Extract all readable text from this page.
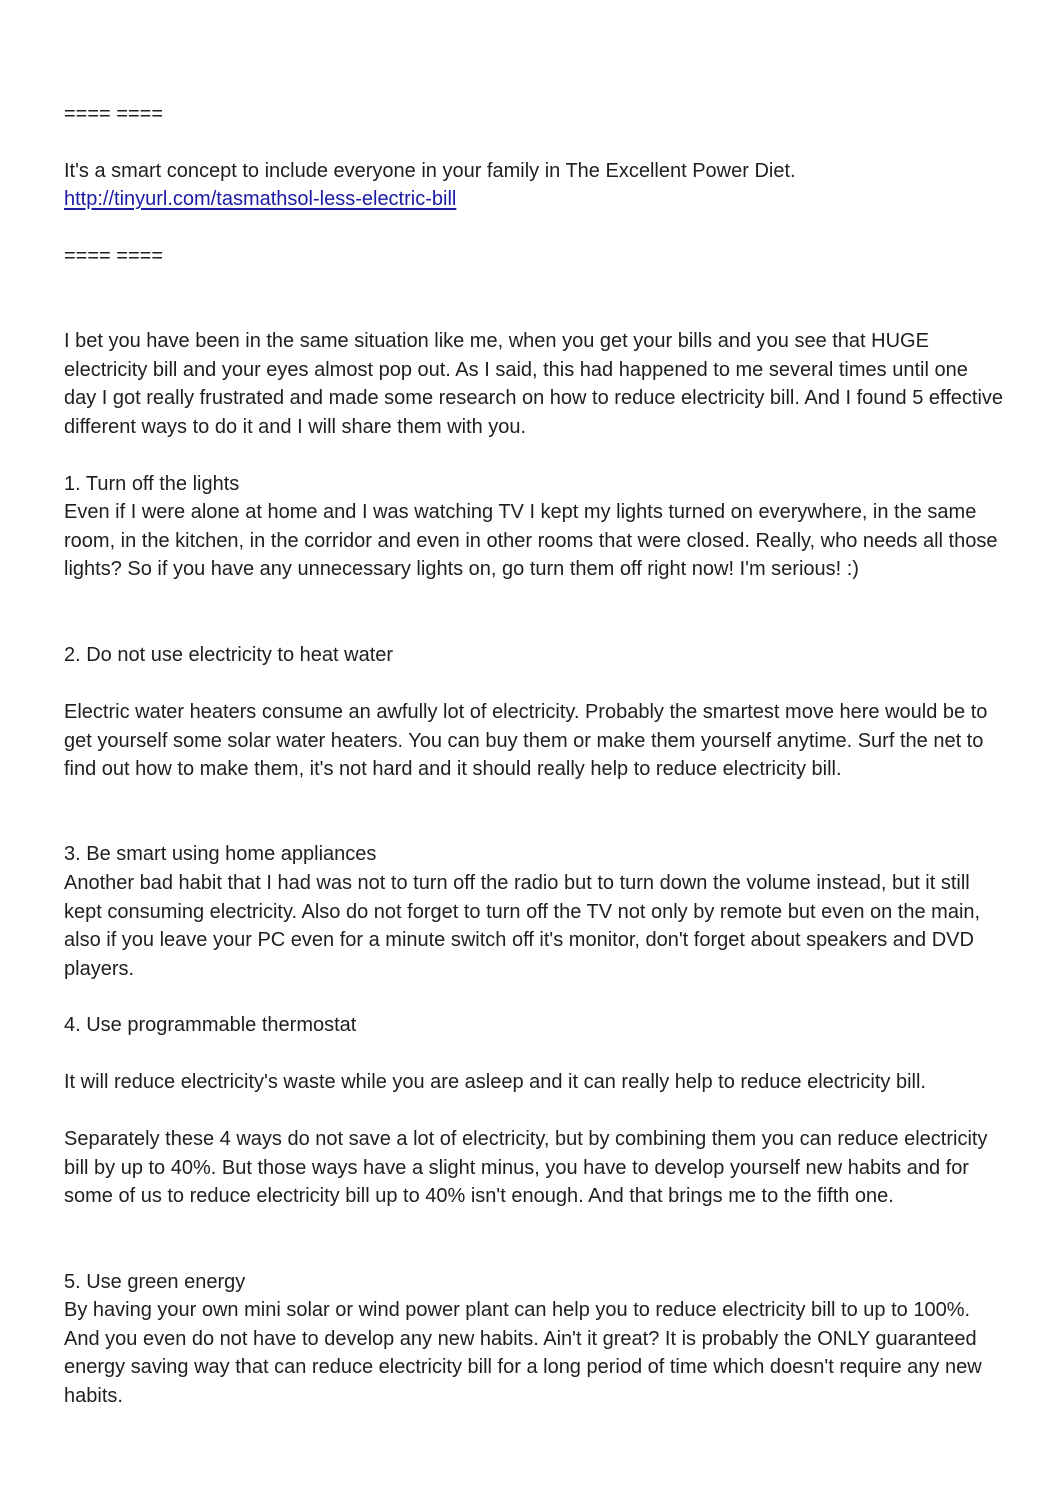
==== ====
It's a smart concept to include everyone in your family in The Excellent Power Diet.
http://tinyurl.com/tasmathsol-less-electric-bill
==== ====
I bet you have been in the same situation like me, when you get your bills and you see that HUGE electricity bill and your eyes almost pop out. As I said, this had happened to me several times until one day I got really frustrated and made some research on how to reduce electricity bill. And I found 5 effective different ways to do it and I will share them with you.
1. Turn off the lights
Even if I were alone at home and I was watching TV I kept my lights turned on everywhere, in the same room, in the kitchen, in the corridor and even in other rooms that were closed. Really, who needs all those lights? So if you have any unnecessary lights on, go turn them off right now! I'm serious! :)
2. Do not use electricity to heat water
Electric water heaters consume an awfully lot of electricity. Probably the smartest move here would be to get yourself some solar water heaters. You can buy them or make them yourself anytime. Surf the net to find out how to make them, it's not hard and it should really help to reduce electricity bill.
3. Be smart using home appliances
Another bad habit that I had was not to turn off the radio but to turn down the volume instead, but it still kept consuming electricity. Also do not forget to turn off the TV not only by remote but even on the main, also if you leave your PC even for a minute switch off it's monitor, don't forget about speakers and DVD players.
4. Use programmable thermostat
It will reduce electricity's waste while you are asleep and it can really help to reduce electricity bill.
Separately these 4 ways do not save a lot of electricity, but by combining them you can reduce electricity bill by up to 40%. But those ways have a slight minus, you have to develop yourself new habits and for some of us to reduce electricity bill up to 40% isn't enough. And that brings me to the fifth one.
5. Use green energy
By having your own mini solar or wind power plant can help you to reduce electricity bill to up to 100%. And you even do not have to develop any new habits. Ain't it great? It is probably the ONLY guaranteed energy saving way that can reduce electricity bill for a long period of time which doesn't require any new habits.
